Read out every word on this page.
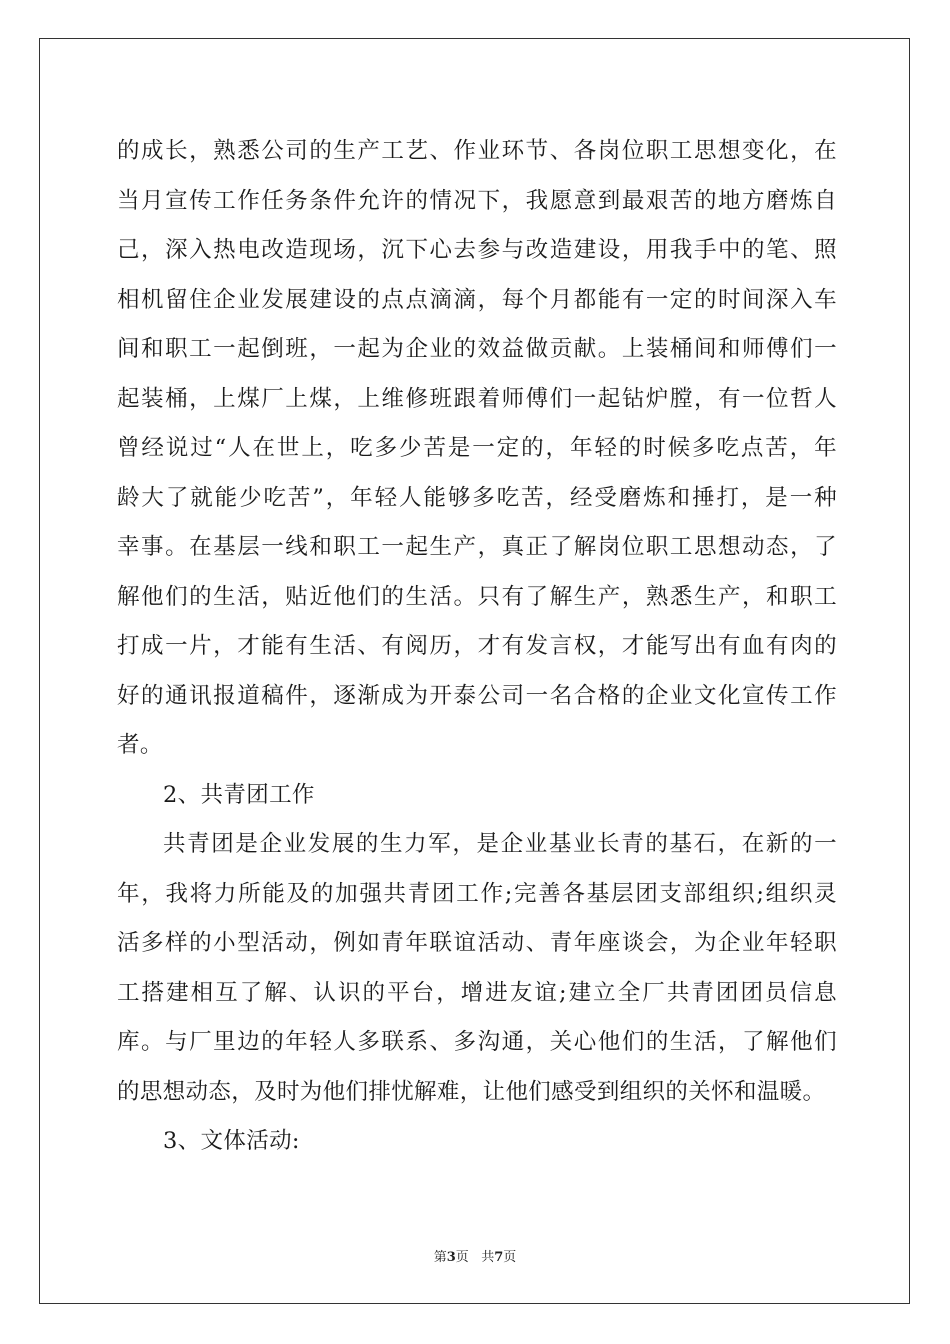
的成长，熟悉公司的生产工艺、作业环节、各岗位职工思想变化，在
当月宣传工作任务条件允许的情况下，我愿意到最艰苦的地方磨炼自
己，深入热电改造现场，沉下心去参与改造建设，用我手中的笔、照
相机留住企业发展建设的点点滴滴，每个月都能有一定的时间深入车
间和职工一起倒班，一起为企业的效益做贡献。上装桶间和师傅们一
起装桶，上煤厂上煤，上维修班跟着师傅们一起钻炉膛，有一位哲人
曾经说过“人在世上，吃多少苦是一定的，年轻的时候多吃点苦，年
龄大了就能少吃苦”，年轻人能够多吃苦，经受磨炼和捶打，是一种
幸事。在基层一线和职工一起生产，真正了解岗位职工思想动态，了
解他们的生活，贴近他们的生活。只有了解生产，熟悉生产，和职工
打成一片，才能有生活、有阅历，才有发言权，才能写出有血有肉的
好的通讯报道稿件，逐渐成为开泰公司一名合格的企业文化宣传工作
者。
2、共青团工作
共青团是企业发展的生力军，是企业基业长青的基石，在新的一
年，我将力所能及的加强共青团工作;完善各基层团支部组织;组织灵
活多样的小型活动，例如青年联谊活动、青年座谈会，为企业年轻职
工搭建相互了解、认识的平台，增进友谊;建立全厂共青团团员信息
库。与厂里边的年轻人多联系、多沟通，关心他们的生活，了解他们
的思想动态，及时为他们排忧解难，让他们感受到组织的关怀和温暖。
3、文体活动:
第3页 共7页
